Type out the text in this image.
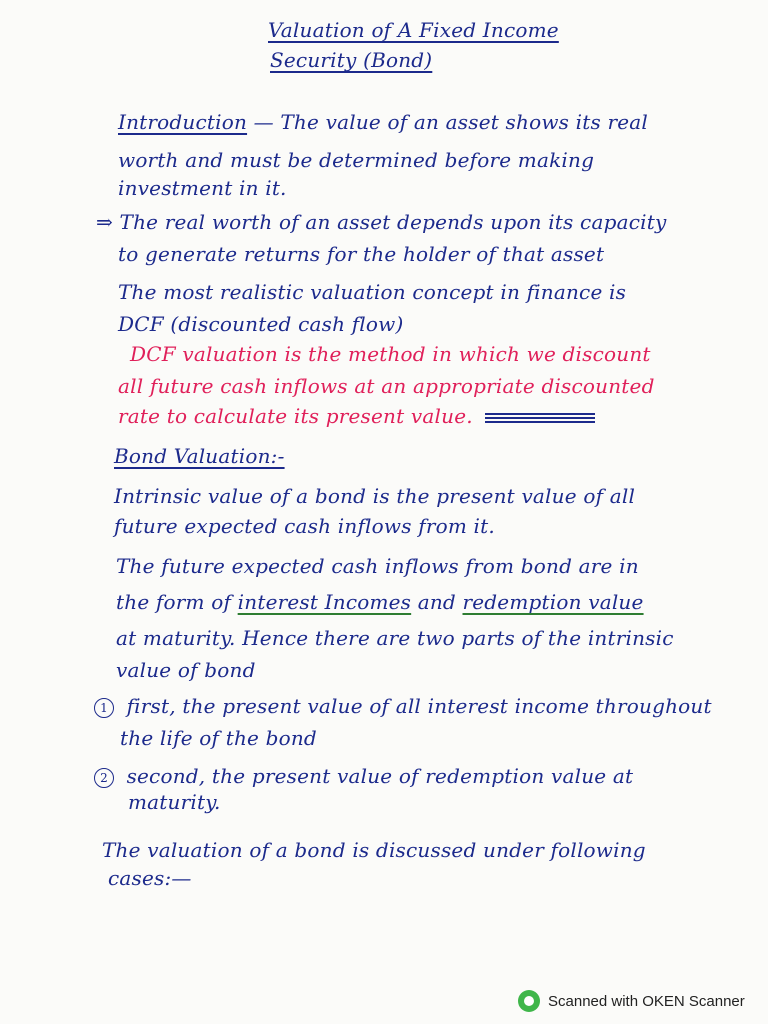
Valuation of A Fixed Income
Security (Bond)
Introduction — The value of an asset shows its real
worth and must be determined before making
investment in it.
⇒ The real worth of an asset depends upon its capacity
to generate returns for the holder of that asset
The most realistic valuation concept in finance is
DCF (discounted cash flow)
DCF valuation is the method in which we discount
all future cash inflows at an appropriate discounted
rate to calculate its present value.
Bond Valuation:-
Intrinsic value of a bond is the present value of all
future expected cash inflows from it.
The future expected cash inflows from bond are in
the form of interest Incomes and redemption value
at maturity. Hence there are two parts of the intrinsic
value of bond
1 first, the present value of all interest income throughout
the life of the bond
2 second, the present value of redemption value at
maturity.
The valuation of a bond is discussed under following
cases:—
Scanned with OKEN Scanner
